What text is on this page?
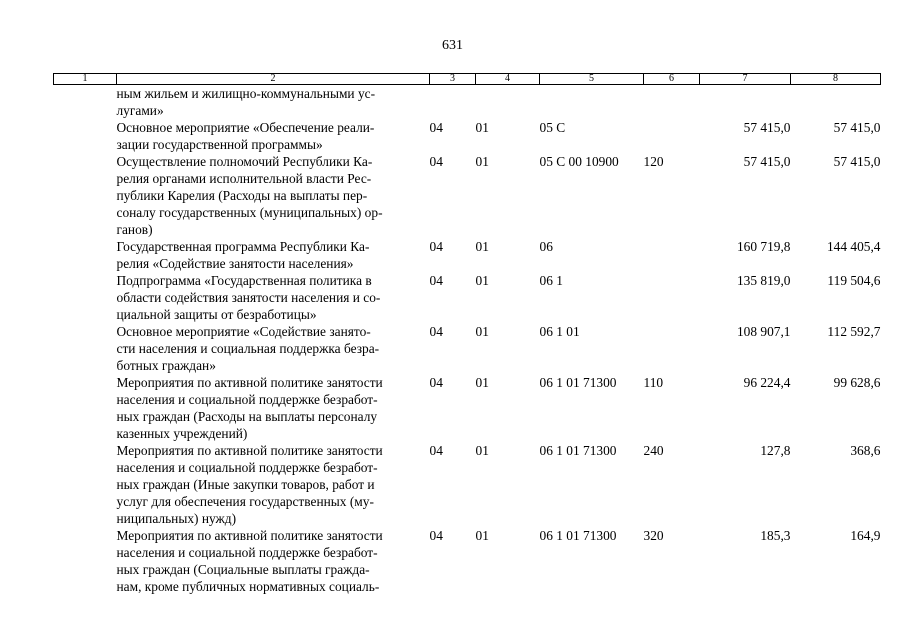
631
1	2	3	4	5	6	7	8

	ным жильем и жилищно-коммунальными ус-
лугами»						

	Основное мероприятие «Обеспечение реали-
зации государственной программы»	04	01	05 С		57 415,0	57 415,0

	Осуществление полномочий Республики Ка-
релия органами исполнительной власти Рес-
публики Карелия (Расходы на выплаты пер-
соналу государственных (муниципальных) ор-
ганов)	04	01	05 С 00 10900	120	57 415,0	57 415,0

	Государственная программа Республики Ка-
релия «Содействие занятости населения»	04	01	06		160 719,8	144 405,4

	Подпрограмма «Государственная политика в
области содействия занятости населения и со-
циальной защиты от безработицы»	04	01	06 1		135 819,0	119 504,6

	Основное мероприятие «Содействие занято-
сти населения и социальная поддержка безра-
ботных граждан»	04	01	06 1 01		108 907,1	112 592,7

	Мероприятия по активной политике занятости
населения и социальной поддержке безработ-
ных граждан (Расходы на выплаты персоналу
казенных учреждений)	04	01	06 1 01 71300	110	96 224,4	99 628,6

	Мероприятия по активной политике занятости
населения и социальной поддержке безработ-
ных граждан (Иные закупки товаров, работ и
услуг для обеспечения государственных (му-
ниципальных) нужд)	04	01	06 1 01 71300	240	127,8	368,6

	Мероприятия по активной политике занятости
населения и социальной поддержке безработ-
ных граждан (Социальные выплаты гражда-
нам, кроме публичных нормативных социаль-	04	01	06 1 01 71300	320	185,3	164,9
